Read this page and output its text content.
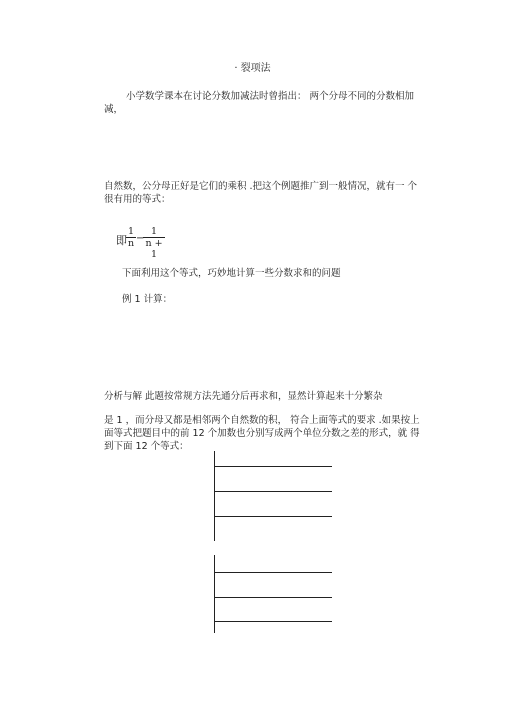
· 裂项法
小学数学课本在讨论分数加减法时曾指出： 两个分母不同的分数相加
减，
自然数，公分母正好是它们的乘积 .把这个例题推广到一般情况，就有一 个
很有用的等式：
即
1
n −
1
n + 1
下面利用这个等式，巧妙地计算一些分数求和的问题
例 1 计算：
分析与解 此题按常规方法先通分后再求和，显然计算起来十分繁杂
是 1 ，而分母又都是相邻两个自然数的积， 符合上面等式的要求 .如果按上
面等式把题目中的前 12 个加数也分别写成两个单位分数之差的形式，就 得
到下面 12 个等式：
